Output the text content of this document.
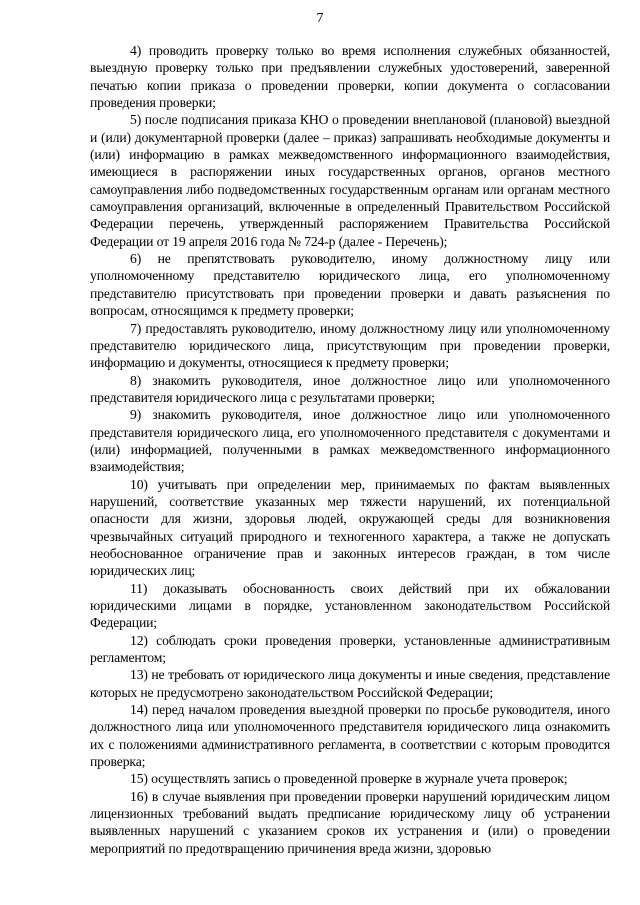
7

4) проводить проверку только во время исполнения служебных обязанностей, выездную проверку только при предъявлении служебных удостоверений, заверенной печатью копии приказа о проведении проверки, копии документа о согласовании проведения проверки;

5) после подписания приказа КНО о проведении внеплановой (плановой) выездной и (или) документарной проверки (далее – приказ) запрашивать необходимые документы и (или) информацию в рамках межведомственного информационного взаимодействия, имеющиеся в распоряжении иных государственных органов, органов местного самоуправления либо подведомственных государственным органам или органам местного самоуправления организаций, включенные в определенный Правительством Российской Федерации перечень, утвержденный распоряжением Правительства Российской Федерации от 19 апреля 2016 года № 724-р (далее - Перечень);

6) не препятствовать руководителю, иному должностному лицу или уполномоченному представителю юридического лица, его уполномоченному представителю присутствовать при проведении проверки и давать разъяснения по вопросам, относящимся к предмету проверки;

7) предоставлять руководителю, иному должностному лицу или уполномоченному представителю юридического лица, присутствующим при проведении проверки, информацию и документы, относящиеся к предмету проверки;

8) знакомить руководителя, иное должностное лицо или уполномоченного представителя юридического лица с результатами проверки;

9) знакомить руководителя, иное должностное лицо или уполномоченного представителя юридического лица, его уполномоченного представителя с документами и (или) информацией, полученными в рамках межведомственного информационного взаимодействия;

10) учитывать при определении мер, принимаемых по фактам выявленных нарушений, соответствие указанных мер тяжести нарушений, их потенциальной опасности для жизни, здоровья людей, окружающей среды для возникновения чрезвычайных ситуаций природного и техногенного характера, а также не допускать необоснованное ограничение прав и законных интересов граждан, в том числе юридических лиц;

11) доказывать обоснованность своих действий при их обжаловании юридическими лицами в порядке, установленном законодательством Российской Федерации;

12) соблюдать сроки проведения проверки, установленные административным регламентом;

13) не требовать от юридического лица документы и иные сведения, представление которых не предусмотрено законодательством Российской Федерации;

14) перед началом проведения выездной проверки по просьбе руководителя, иного должностного лица или уполномоченного представителя юридического лица ознакомить их с положениями административного регламента, в соответствии с которым проводится проверка;

15) осуществлять запись о проведенной проверке в журнале учета проверок;

16) в случае выявления при проведении проверки нарушений юридическим лицом лицензионных требований выдать предписание юридическому лицу об устранении выявленных нарушений с указанием сроков их устранения и (или) о проведении мероприятий по предотвращению причинения вреда жизни, здоровью
